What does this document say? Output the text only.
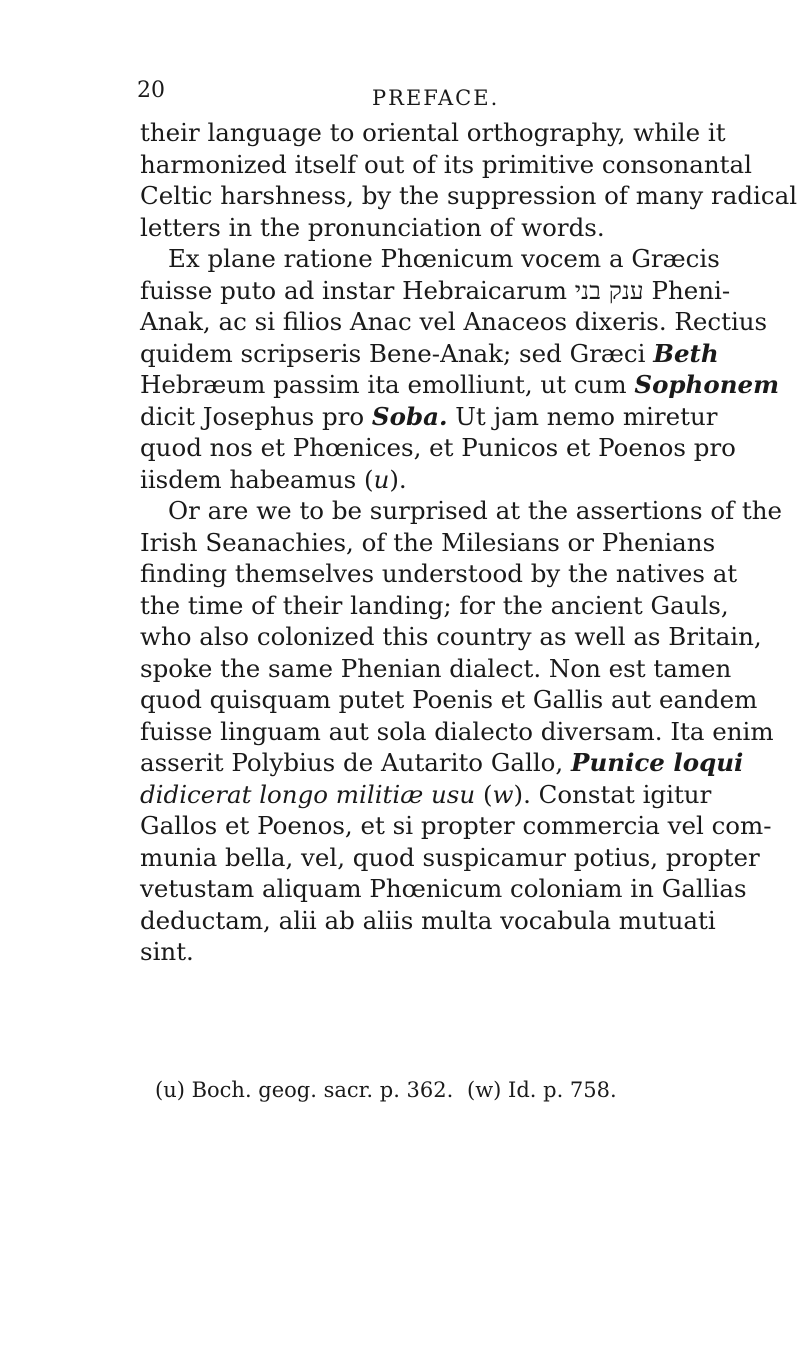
20	PREFACE.
their language to oriental orthography, while it
harmonized itself out of its primitive consonantal
Celtic harshness, by the suppression of many radical
letters in the pronunciation of words.
Ex plane ratione Phœnicum vocem a Græcis
fuisse puto ad instar Hebraicarum ענק בני Pheni-
Anak, ac si filios Anac vel Anaceos dixeris. Rectius
quidem scripseris Bene-Anak; sed Græci Beth
Hebræum passim ita emolliunt, ut cum Sophonem
dicit Josephus pro Soba. Ut jam nemo miretur
quod nos et Phœnices, et Punicos et Poenos pro
iisdem habeamus (u).
Or are we to be surprised at the assertions of the
Irish Seanachies, of the Milesians or Phenians
finding themselves understood by the natives at
the time of their landing; for the ancient Gauls,
who also colonized this country as well as Britain,
spoke the same Phenian dialect. Non est tamen
quod quisquam putet Poenis et Gallis aut eandem
fuisse linguam aut sola dialecto diversam. Ita enim
asserit Polybius de Autarito Gallo, Punice loqui
didicerat longo militiæ usu (w). Constat igitur
Gallos et Poenos, et si propter commercia vel com-
munia bella, vel, quod suspicamur potius, propter
vetustam aliquam Phœnicum coloniam in Gallias
deductam, alii ab aliis multa vocabula mutuati
sint.
(u) Boch. geog. sacr. p. 362. (w) Id. p. 758.
